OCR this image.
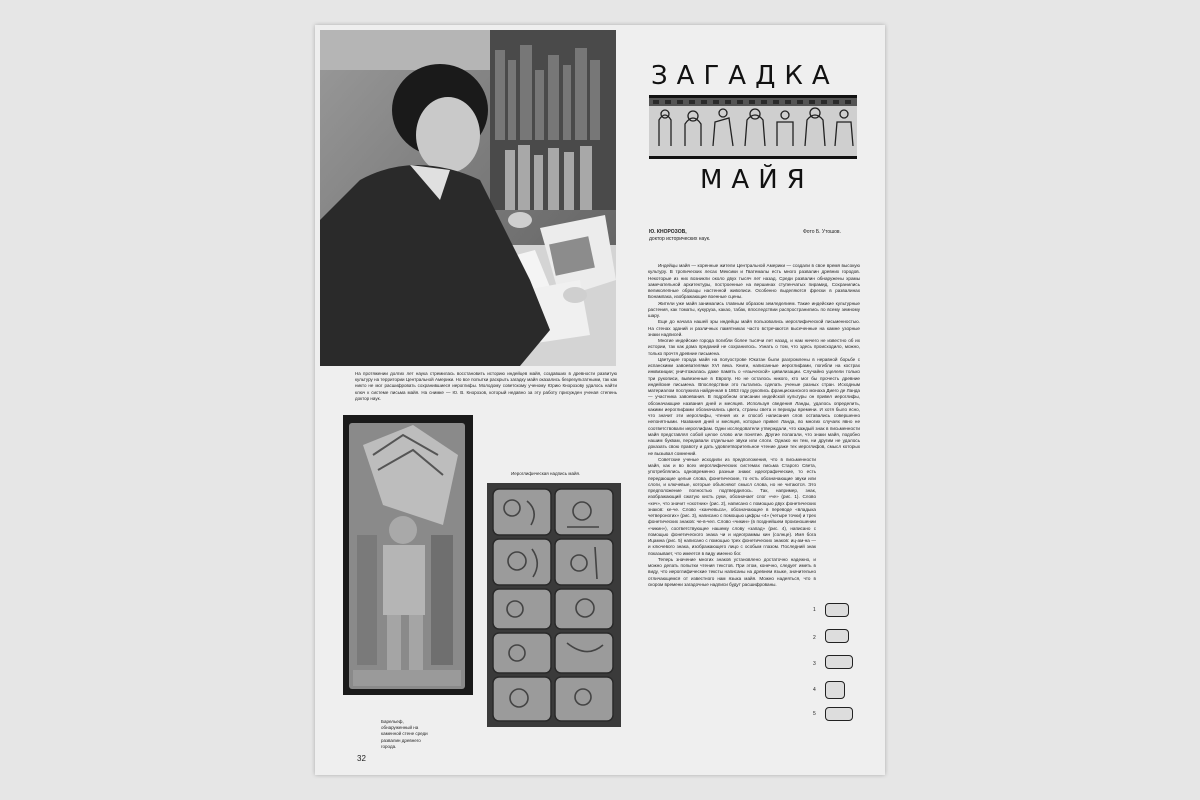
На протяжении долгих лет наука стремилась восстановить историю индейцев майя, создавших в древности развитую культуру на территории Центральной Америки. Но все попытки раскрыть загадку майя оказались безрезультатными, так как никто не мог расшифровать сохранившиеся иероглифы. Молодому советскому ученому Юрию Кнорозову удалось найти ключ к системе письма майя. На снимке — Ю. В. Кнорозов, который недавно за эту работу присужден ученая степень доктор наук.
Барельеф, обнаруженный на каменной стене среди развалин древнего города.
32
Иероглифическая надпись майя.
ЗАГАДКА
МАЙЯ
Ю. КНОРОЗОВ,
доктор исторических наук.
Фото Б. Утошов.

Индейцы майя — коренные жители Центральной Америки — создали в свое время высокую культуру. В тропических лесах Мексики и Гватемалы есть много развалин древних городов. Некоторые из них возникли около двух тысяч лет назад. Среди развалин обнаружены храмы замечательной архитектуры, построенные на вершинах ступенчатых пирамид. Сохранились великолепные образцы настенной живописи. Особенно выделяются фрески в развалинах Бонампака, изображающие военные сцены.

Жители уже майя занимались главным образом земледелием. Такие индейские культурные растения, как томаты, кукуруза, какао, табак, впоследствии распространились по всему земному шару.

Еще до начала нашей эры индейцы майя пользовались иероглифической письменностью. На стенах зданий и различных памятниках часто встречаются высеченные на камне узорные знаки надписей.

Многие индейские города погибли более тысячи лет назад, и нам ничего не известно об их истории, так как дома преданий не сохранилось. Узнать о том, что здесь происходило, можно, только прочтя древние письмена.

Цветущие города майя на полуострове Юкатан были разгромлены в неравной борьбе с испанскими завоевателями XVI века. Книги, написанные иероглифами, погибли на кострах инквизиции; уничтожалась даже память о «языческой» цивилизации. Случайно уцелели только три рукописи, вывезенные в Европу. Но не осталось никого, кто мог бы прочесть древние индейские письмена. Впоследствии это пытались сделать ученые разных стран. Исходным материалом послужила найденная в 1863 году рукопись францисканского монаха Диего де Ланда — участника завоевания. В подробном описании индейской культуры он привел иероглифы, обозначающие названия дней и месяцев. Используя сведения Ланды, удалось определить, какими иероглифами обозначались цвета, страны света и периоды времени. И хотя было ясно, что значит эти иероглифы, чтения их и способ написания слов оставались совершенно непонятными. Названия дней и месяцев, которые привел Ланда, во многих случаях явно не соответствовали иероглифам. Одни исследователи утверждали, что каждый знак в письменности майя представлял собой целое слово или понятие. Другие полагали, что знаки майя, подобно нашим буквам, передавали отдельные звуки или слоги. Однако ни тем, ни другим не удалось доказать свою правоту и дать удовлетворительное чтение даже тех иероглифов, смысл которых не вызывал сомнений.

Советские ученые исходили из предположения, что в письменности майя, как и во всех иероглифических системах письма Старого Света, употреблялись одновременно разные знаки: идеографические, то есть передающие целые слова, фонетические, то есть обозначающие звуки или слоги, и ключевые, которые объясняют смысл слова, но не читаются. Это предположение полностью подтвердилось. Так, например, знак, изображающий сжатую кисть руки, обозначает слог «че» (рис. 1). Слово «кеч», что значит «охотник» (рис. 2), написано с помощью двух фонетических знаков: ке-че. Слово «канчевьса», обозначающее в переводе «владыка четвероногих» (рис. 3), написано с помощью цифры «4» (четыре точки) и трех фонетических знаков: че-в-чел. Слово «чикин» (в позднейшем произношении «чикин»), соответствующее нашему слову «запад» (рис. 4), написано с помощью фонетического знака чи и идеограммы кин (солнце). Имя бога Ицамна (рис. 5) написано с помощью трех фонетических знаков: иц-ам-на — и ключевого знака, изображающего лицо с особым глазом. Последний знак показывает, что имеется в виду именно бог.

Теперь значение многих знаков установлено достаточно надежно, и можно делать попытки чтения текстов. При этом, конечно, следует иметь в виду, что иероглифические тексты написаны на древнем языке, значительно отличающемся от известного нам языка майя. Можно надеяться, что в скором времени загадочные надписи будут расшифрованы.

1
2
3
4
5
